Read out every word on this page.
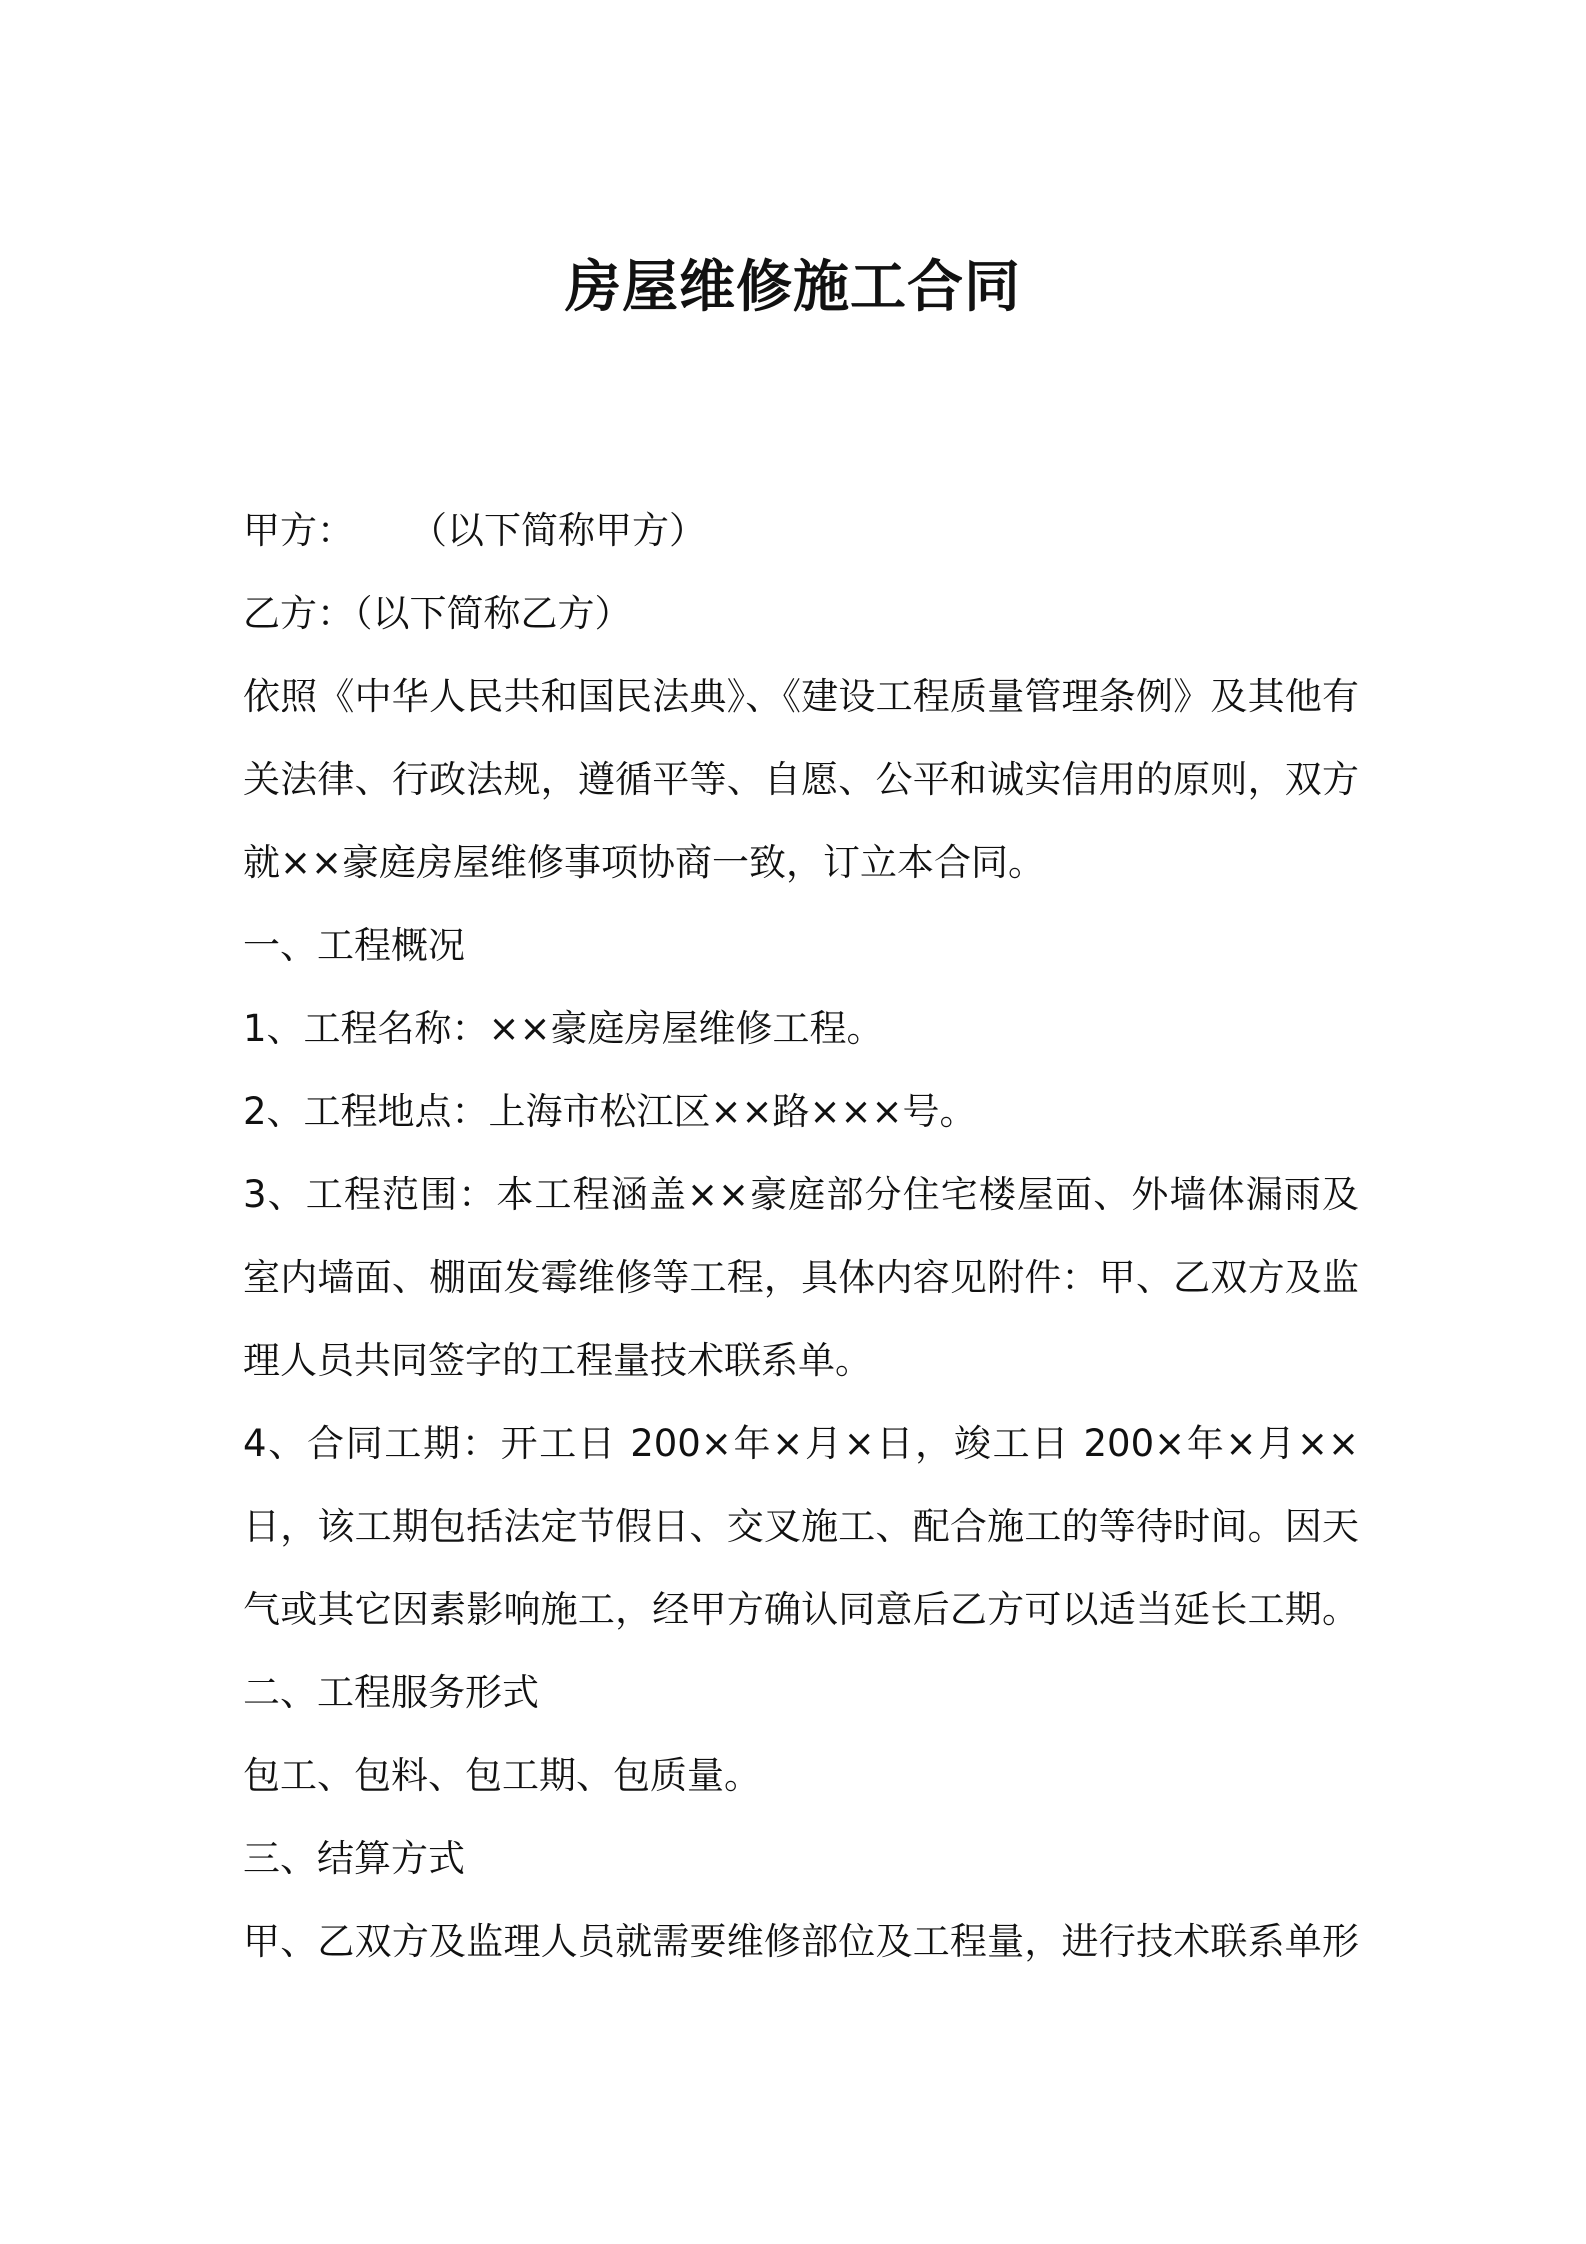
房屋维修施工合同

甲方： （以下简称甲方）

乙方：（以下简称乙方）

依照《中华人民共和国民法典》、《建设工程质量管理条例》及其他有

关法律、行政法规，遵循平等、自愿、公平和诚实信用的原则，双方

就××豪庭房屋维修事项协商一致，订立本合同。

一、工程概况

1、工程名称：××豪庭房屋维修工程。

2、工程地点：上海市松江区××路×××号。

3、工程范围：本工程涵盖××豪庭部分住宅楼屋面、外墙体漏雨及

室内墙面、棚面发霉维修等工程，具体内容见附件：甲、乙双方及监

理人员共同签字的工程量技术联系单。

4、合同工期：开工日 200×年×月×日，竣工日 200×年×月××

日，该工期包括法定节假日、交叉施工、配合施工的等待时间。因天

气或其它因素影响施工，经甲方确认同意后乙方可以适当延长工期。

二、工程服务形式

包工、包料、包工期、包质量。

三、结算方式

甲、乙双方及监理人员就需要维修部位及工程量，进行技术联系单形
